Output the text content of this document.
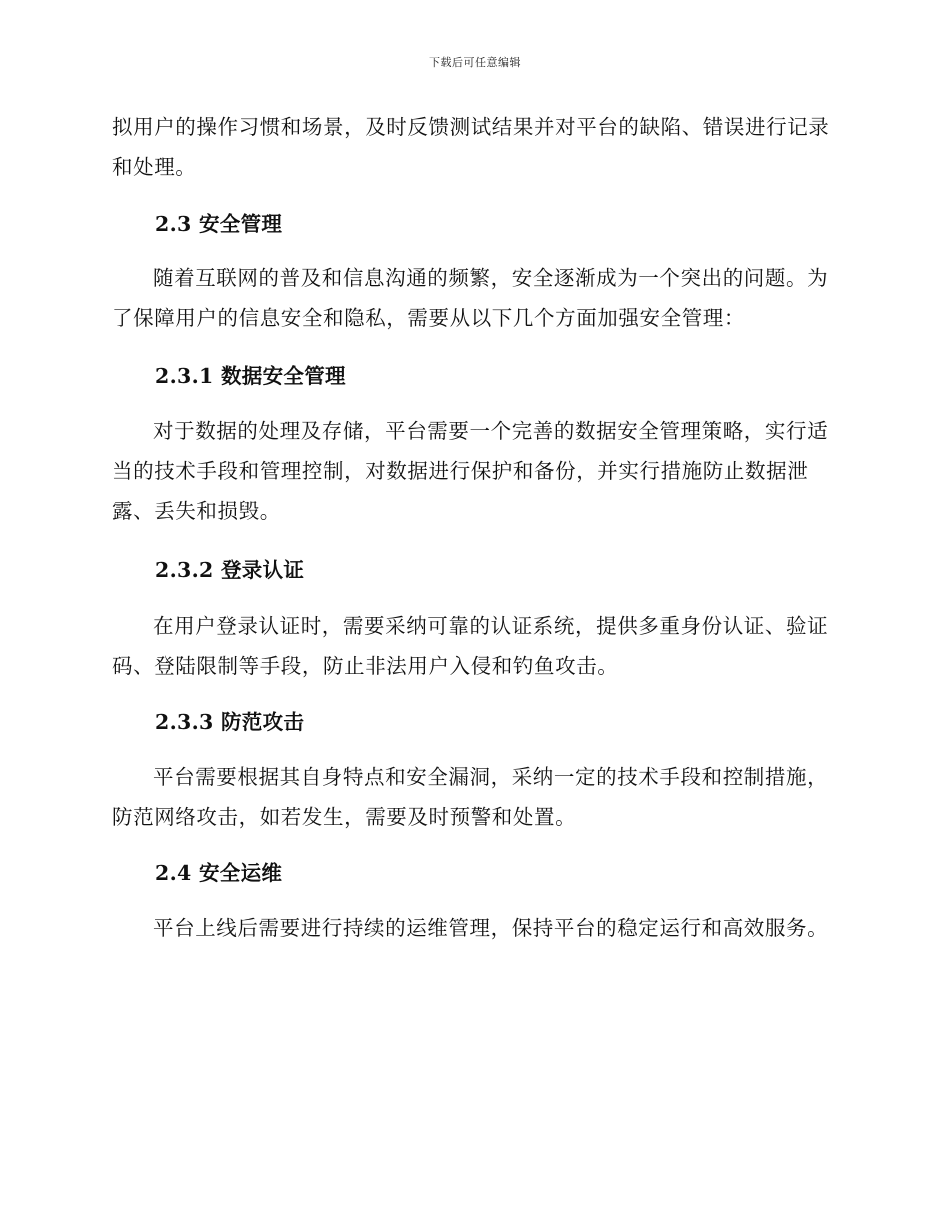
下载后可任意编辑

拟用户的操作习惯和场景，及时反馈测试结果并对平台的缺陷、错误进行记录和处理。

2.3 安全管理

随着互联网的普及和信息沟通的频繁，安全逐渐成为一个突出的问题。为了保障用户的信息安全和隐私，需要从以下几个方面加强安全管理：

2.3.1 数据安全管理

对于数据的处理及存储，平台需要一个完善的数据安全管理策略，实行适当的技术手段和管理控制，对数据进行保护和备份，并实行措施防止数据泄露、丢失和损毁。

2.3.2 登录认证

在用户登录认证时，需要采纳可靠的认证系统，提供多重身份认证、验证码、登陆限制等手段，防止非法用户入侵和钓鱼攻击。

2.3.3 防范攻击

平台需要根据其自身特点和安全漏洞，采纳一定的技术手段和控制措施，防范网络攻击，如若发生，需要及时预警和处置。

2.4 安全运维

平台上线后需要进行持续的运维管理，保持平台的稳定运行和高效服务。
